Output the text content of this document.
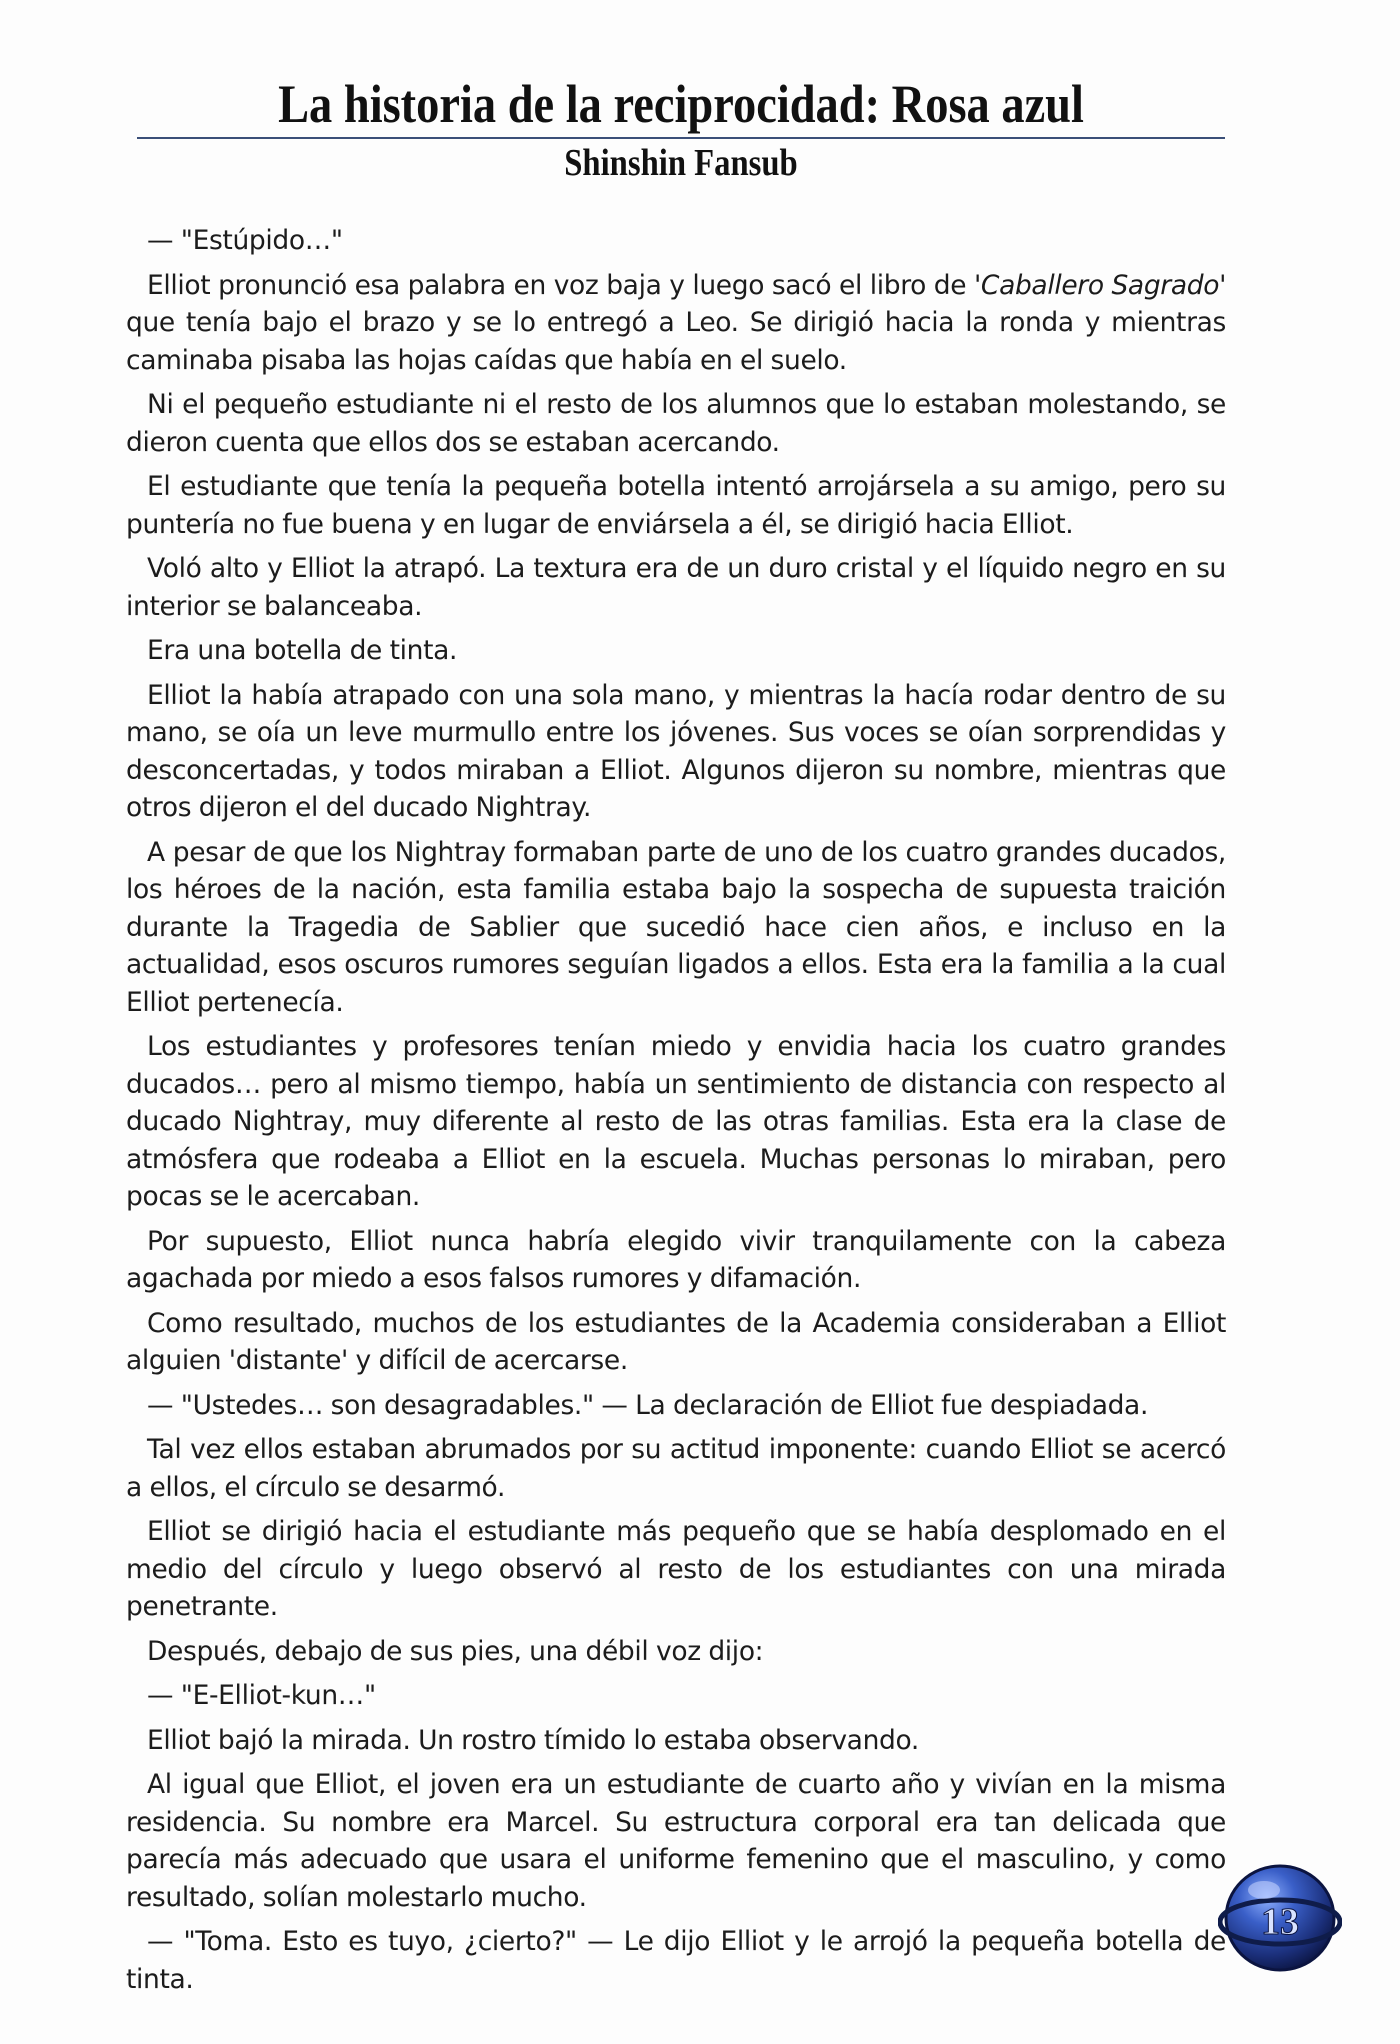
La historia de la reciprocidad: Rosa azul
Shinshin Fansub

— "Estúpido…"

Elliot pronunció esa palabra en voz baja y luego sacó el libro de 'Caballero Sagrado' que tenía bajo el brazo y se lo entregó a Leo. Se dirigió hacia la ronda y mientras caminaba pisaba las hojas caídas que había en el suelo.

Ni el pequeño estudiante ni el resto de los alumnos que lo estaban molestando, se dieron cuenta que ellos dos se estaban acercando.

El estudiante que tenía la pequeña botella intentó arrojársela a su amigo, pero su puntería no fue buena y en lugar de enviársela a él, se dirigió hacia Elliot.

Voló alto y Elliot la atrapó. La textura era de un duro cristal y el líquido negro en su interior se balanceaba.

Era una botella de tinta.

Elliot la había atrapado con una sola mano, y mientras la hacía rodar dentro de su mano, se oía un leve murmullo entre los jóvenes. Sus voces se oían sorprendidas y desconcertadas, y todos miraban a Elliot. Algunos dijeron su nombre, mientras que otros dijeron el del ducado Nightray.

A pesar de que los Nightray formaban parte de uno de los cuatro grandes ducados, los héroes de la nación, esta familia estaba bajo la sospecha de supuesta traición durante la Tragedia de Sablier que sucedió hace cien años, e incluso en la actualidad, esos oscuros rumores seguían ligados a ellos. Esta era la familia a la cual Elliot pertenecía.

Los estudiantes y profesores tenían miedo y envidia hacia los cuatro grandes ducados… pero al mismo tiempo, había un sentimiento de distancia con respecto al ducado Nightray, muy diferente al resto de las otras familias. Esta era la clase de atmósfera que rodeaba a Elliot en la escuela. Muchas personas lo miraban, pero pocas se le acercaban.

Por supuesto, Elliot nunca habría elegido vivir tranquilamente con la cabeza agachada por miedo a esos falsos rumores y difamación.

Como resultado, muchos de los estudiantes de la Academia consideraban a Elliot alguien 'distante' y difícil de acercarse.

— "Ustedes… son desagradables." — La declaración de Elliot fue despiadada.

Tal vez ellos estaban abrumados por su actitud imponente: cuando Elliot se acercó a ellos, el círculo se desarmó.

Elliot se dirigió hacia el estudiante más pequeño que se había desplomado en el medio del círculo y luego observó al resto de los estudiantes con una mirada penetrante.

Después, debajo de sus pies, una débil voz dijo:

— "E-Elliot-kun…"

Elliot bajó la mirada. Un rostro tímido lo estaba observando.

Al igual que Elliot, el joven era un estudiante de cuarto año y vivían en la misma residencia. Su nombre era Marcel. Su estructura corporal era tan delicada que parecía más adecuado que usara el uniforme femenino que el masculino, y como resultado, solían molestarlo mucho.

— "Toma. Esto es tuyo, ¿cierto?" — Le dijo Elliot y le arrojó la pequeña botella de tinta.

13
